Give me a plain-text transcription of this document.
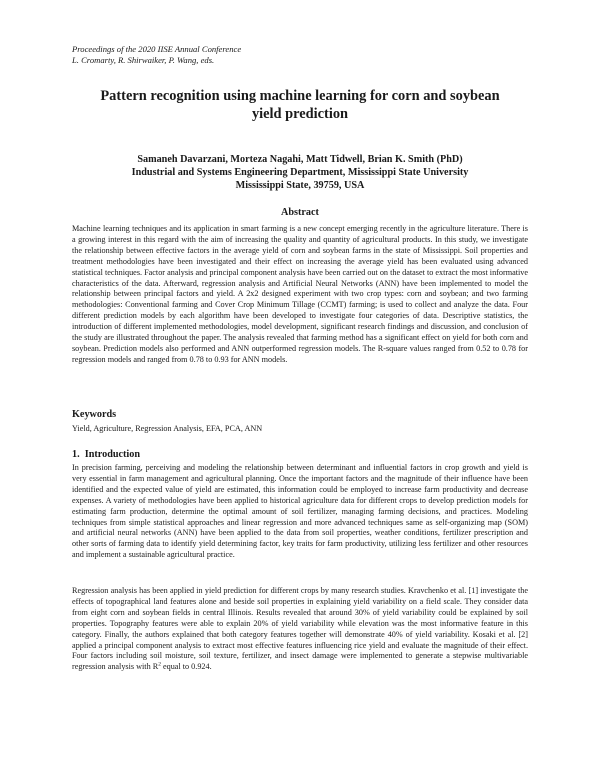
Proceedings of the 2020 IISE Annual Conference
L. Cromarty, R. Shirwaiker, P. Wang, eds.
Pattern recognition using machine learning for corn and soybean
yield prediction
Samaneh Davarzani, Morteza Nagahi, Matt Tidwell, Brian K. Smith (PhD)
Industrial and Systems Engineering Department, Mississippi State University
Mississippi State, 39759, USA
Abstract
Machine learning techniques and its application in smart farming is a new concept emerging recently in the agriculture literature. There is a growing interest in this regard with the aim of increasing the quality and quantity of agricultural products. In this study, we investigate the relationship between effective factors in the average yield of corn and soybean farms in the state of Mississippi. Soil properties and treatment methodologies have been investigated and their effect on increasing the average yield has been evaluated using advanced statistical techniques. Factor analysis and principal component analysis have been carried out on the dataset to extract the most informative characteristics of the data. Afterward, regression analysis and Artificial Neural Networks (ANN) have been implemented to model the relationship between principal factors and yield. A 2x2 designed experiment with two crop types: corn and soybean; and two farming methodologies: Conventional farming and Cover Crop Minimum Tillage (CCMT) farming; is used to collect and analyze the data. Four different prediction models by each algorithm have been developed to investigate four categories of data. Descriptive statistics, the introduction of different implemented methodologies, model development, significant research findings and discussion, and conclusion of the study are illustrated throughout the paper. The analysis revealed that farming method has a significant effect on yield for both corn and soybean. Prediction models also performed and ANN outperformed regression models. The R-square values ranged from 0.52 to 0.78 for regression models and ranged from 0.78 to 0.93 for ANN models.
Keywords
Yield, Agriculture, Regression Analysis, EFA, PCA, ANN
1.  Introduction
In precision farming, perceiving and modeling the relationship between determinant and influential factors in crop growth and yield is very essential in farm management and agricultural planning. Once the important factors and the magnitude of their influence have been identified and the expected value of yield are estimated, this information could be employed to increase farm productivity and decrease expenses. A variety of methodologies have been applied to historical agriculture data for different crops to develop prediction models for estimating farm production, determine the optimal amount of soil fertilizer, managing farming decisions, and practices. Modeling techniques from simple statistical approaches and linear regression and more advanced techniques same as self-organizing map (SOM) and artificial neural networks (ANN) have been applied to the data from soil properties, weather conditions, fertilizer prescription and other sorts of farming data to identify yield determining factor, key traits for farm productivity, utilizing less fertilizer and other resources and implement a sustainable agricultural practice.
Regression analysis has been applied in yield prediction for different crops by many research studies. Kravchenko et al. [1] investigate the effects of topographical land features alone and beside soil properties in explaining yield variability on a field scale. They consider data from eight corn and soybean fields in central Illinois. Results revealed that around 30% of yield variability could be explained by soil properties. Topography features were able to explain 20% of yield variability while elevation was the most informative feature in this category. Finally, the authors explained that both category features together will demonstrate 40% of yield variability. Kosaki et al. [2] applied a principal component analysis to extract most effective features influencing rice yield and evaluate the magnitude of their effect. Four factors including soil moisture, soil texture, fertilizer, and insect damage were implemented to generate a stepwise multivariable regression analysis with $R^2$ equal to 0.924.
